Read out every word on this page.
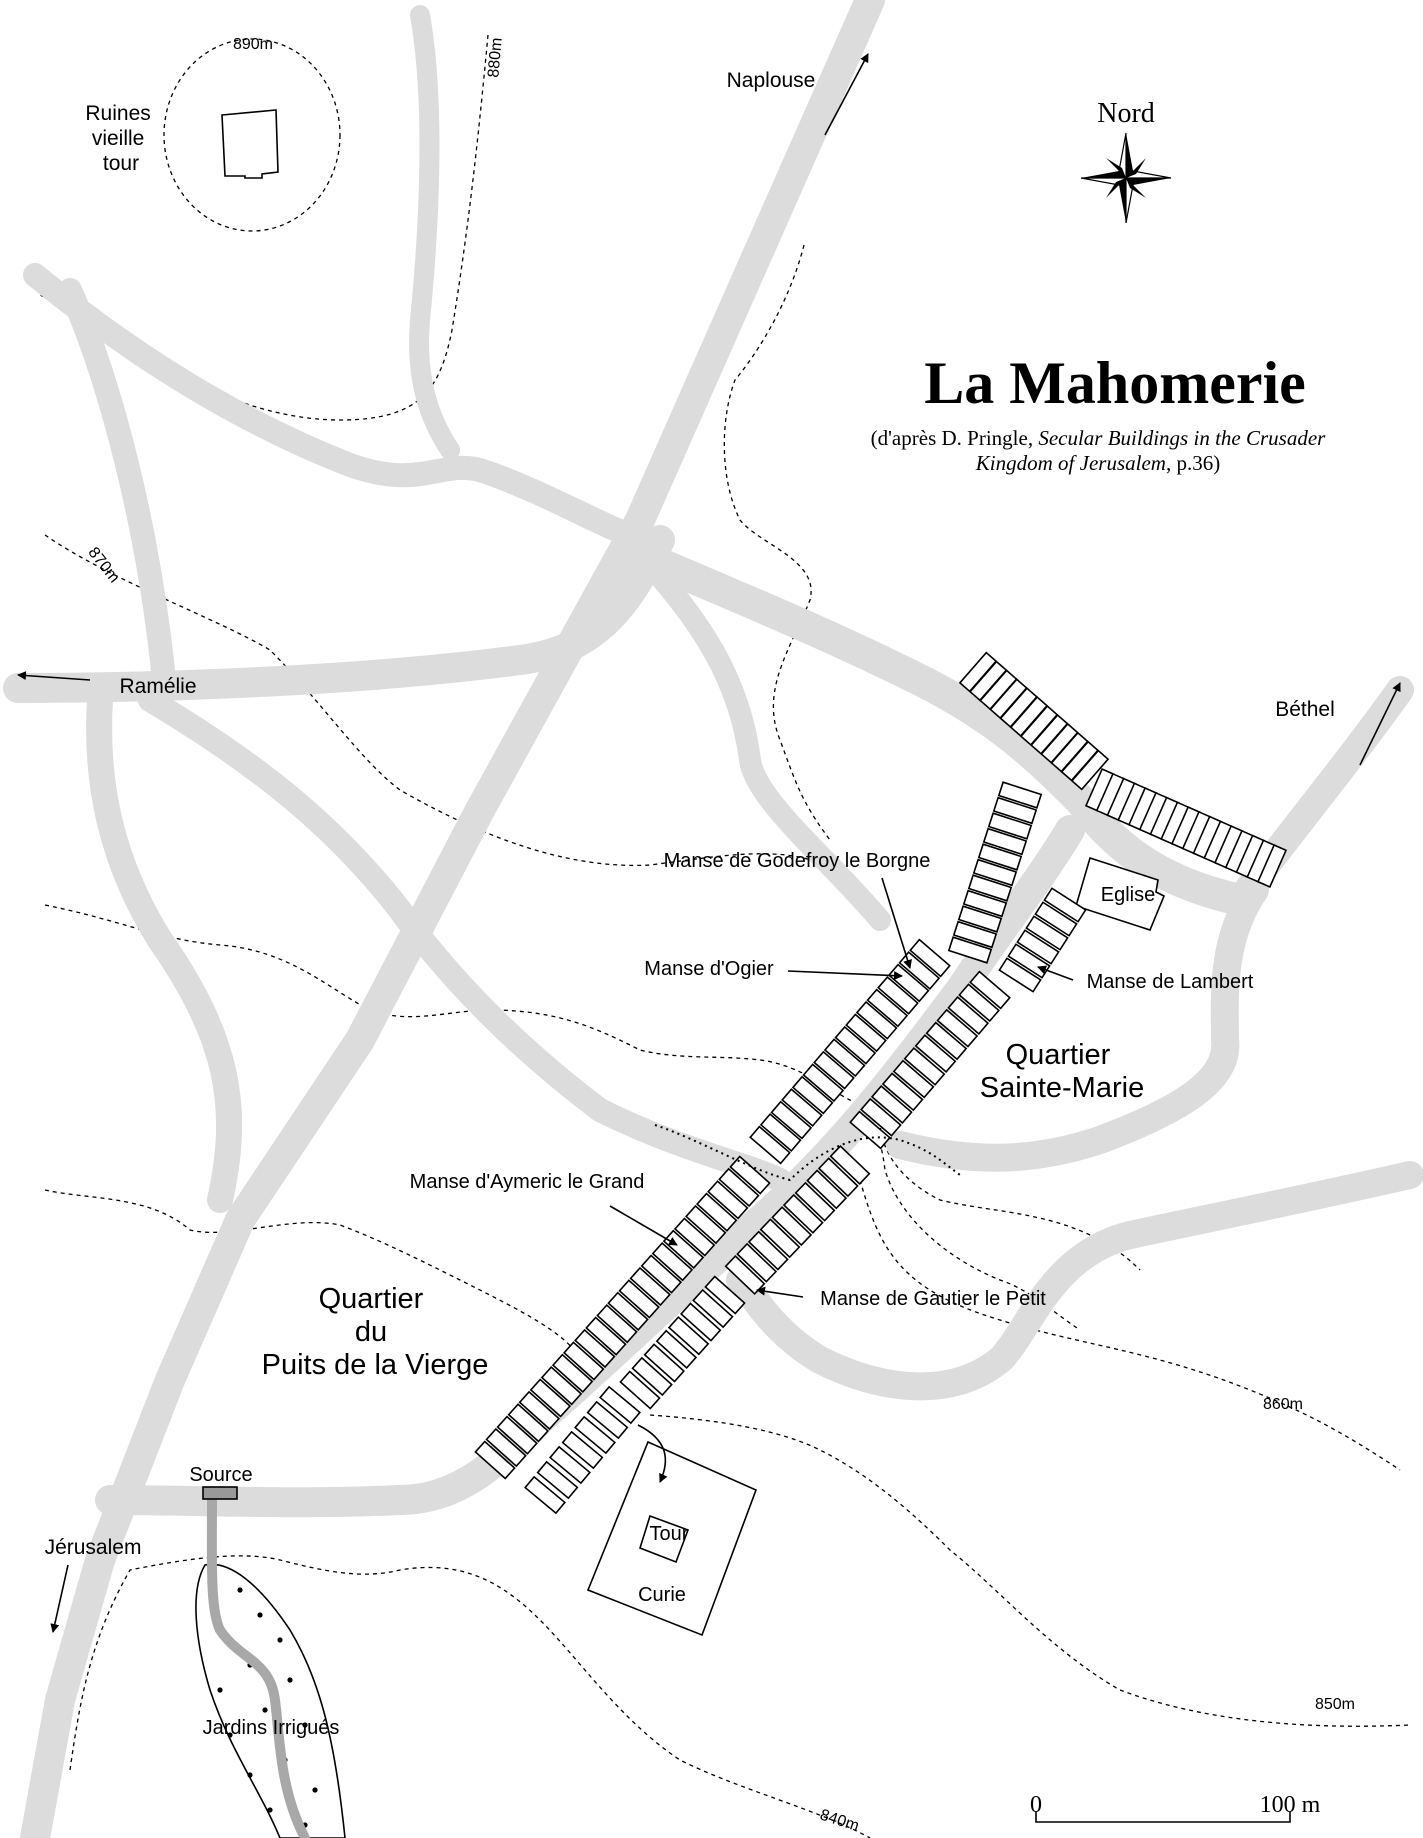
Eglise
Tour
Curie
Nord
La Mahomerie
(d'après D. Pringle, Secular Buildings in the Crusader
Kingdom of Jerusalem, p.36)
Naplouse
Ramélie
Béthel
Jérusalem
Ruines vieille tour
Quartier Sainte-Marie
Quartier du Puits de la Vierge
Manse de Godefroy le Borgne
Manse d'Ogier
Manse de Lambert
Manse d'Aymeric le Grand
Manse de Gautier le Petit
Source
Jardins Irrigués
890m	880m
870m
860m
850m
840m
0	100 m
